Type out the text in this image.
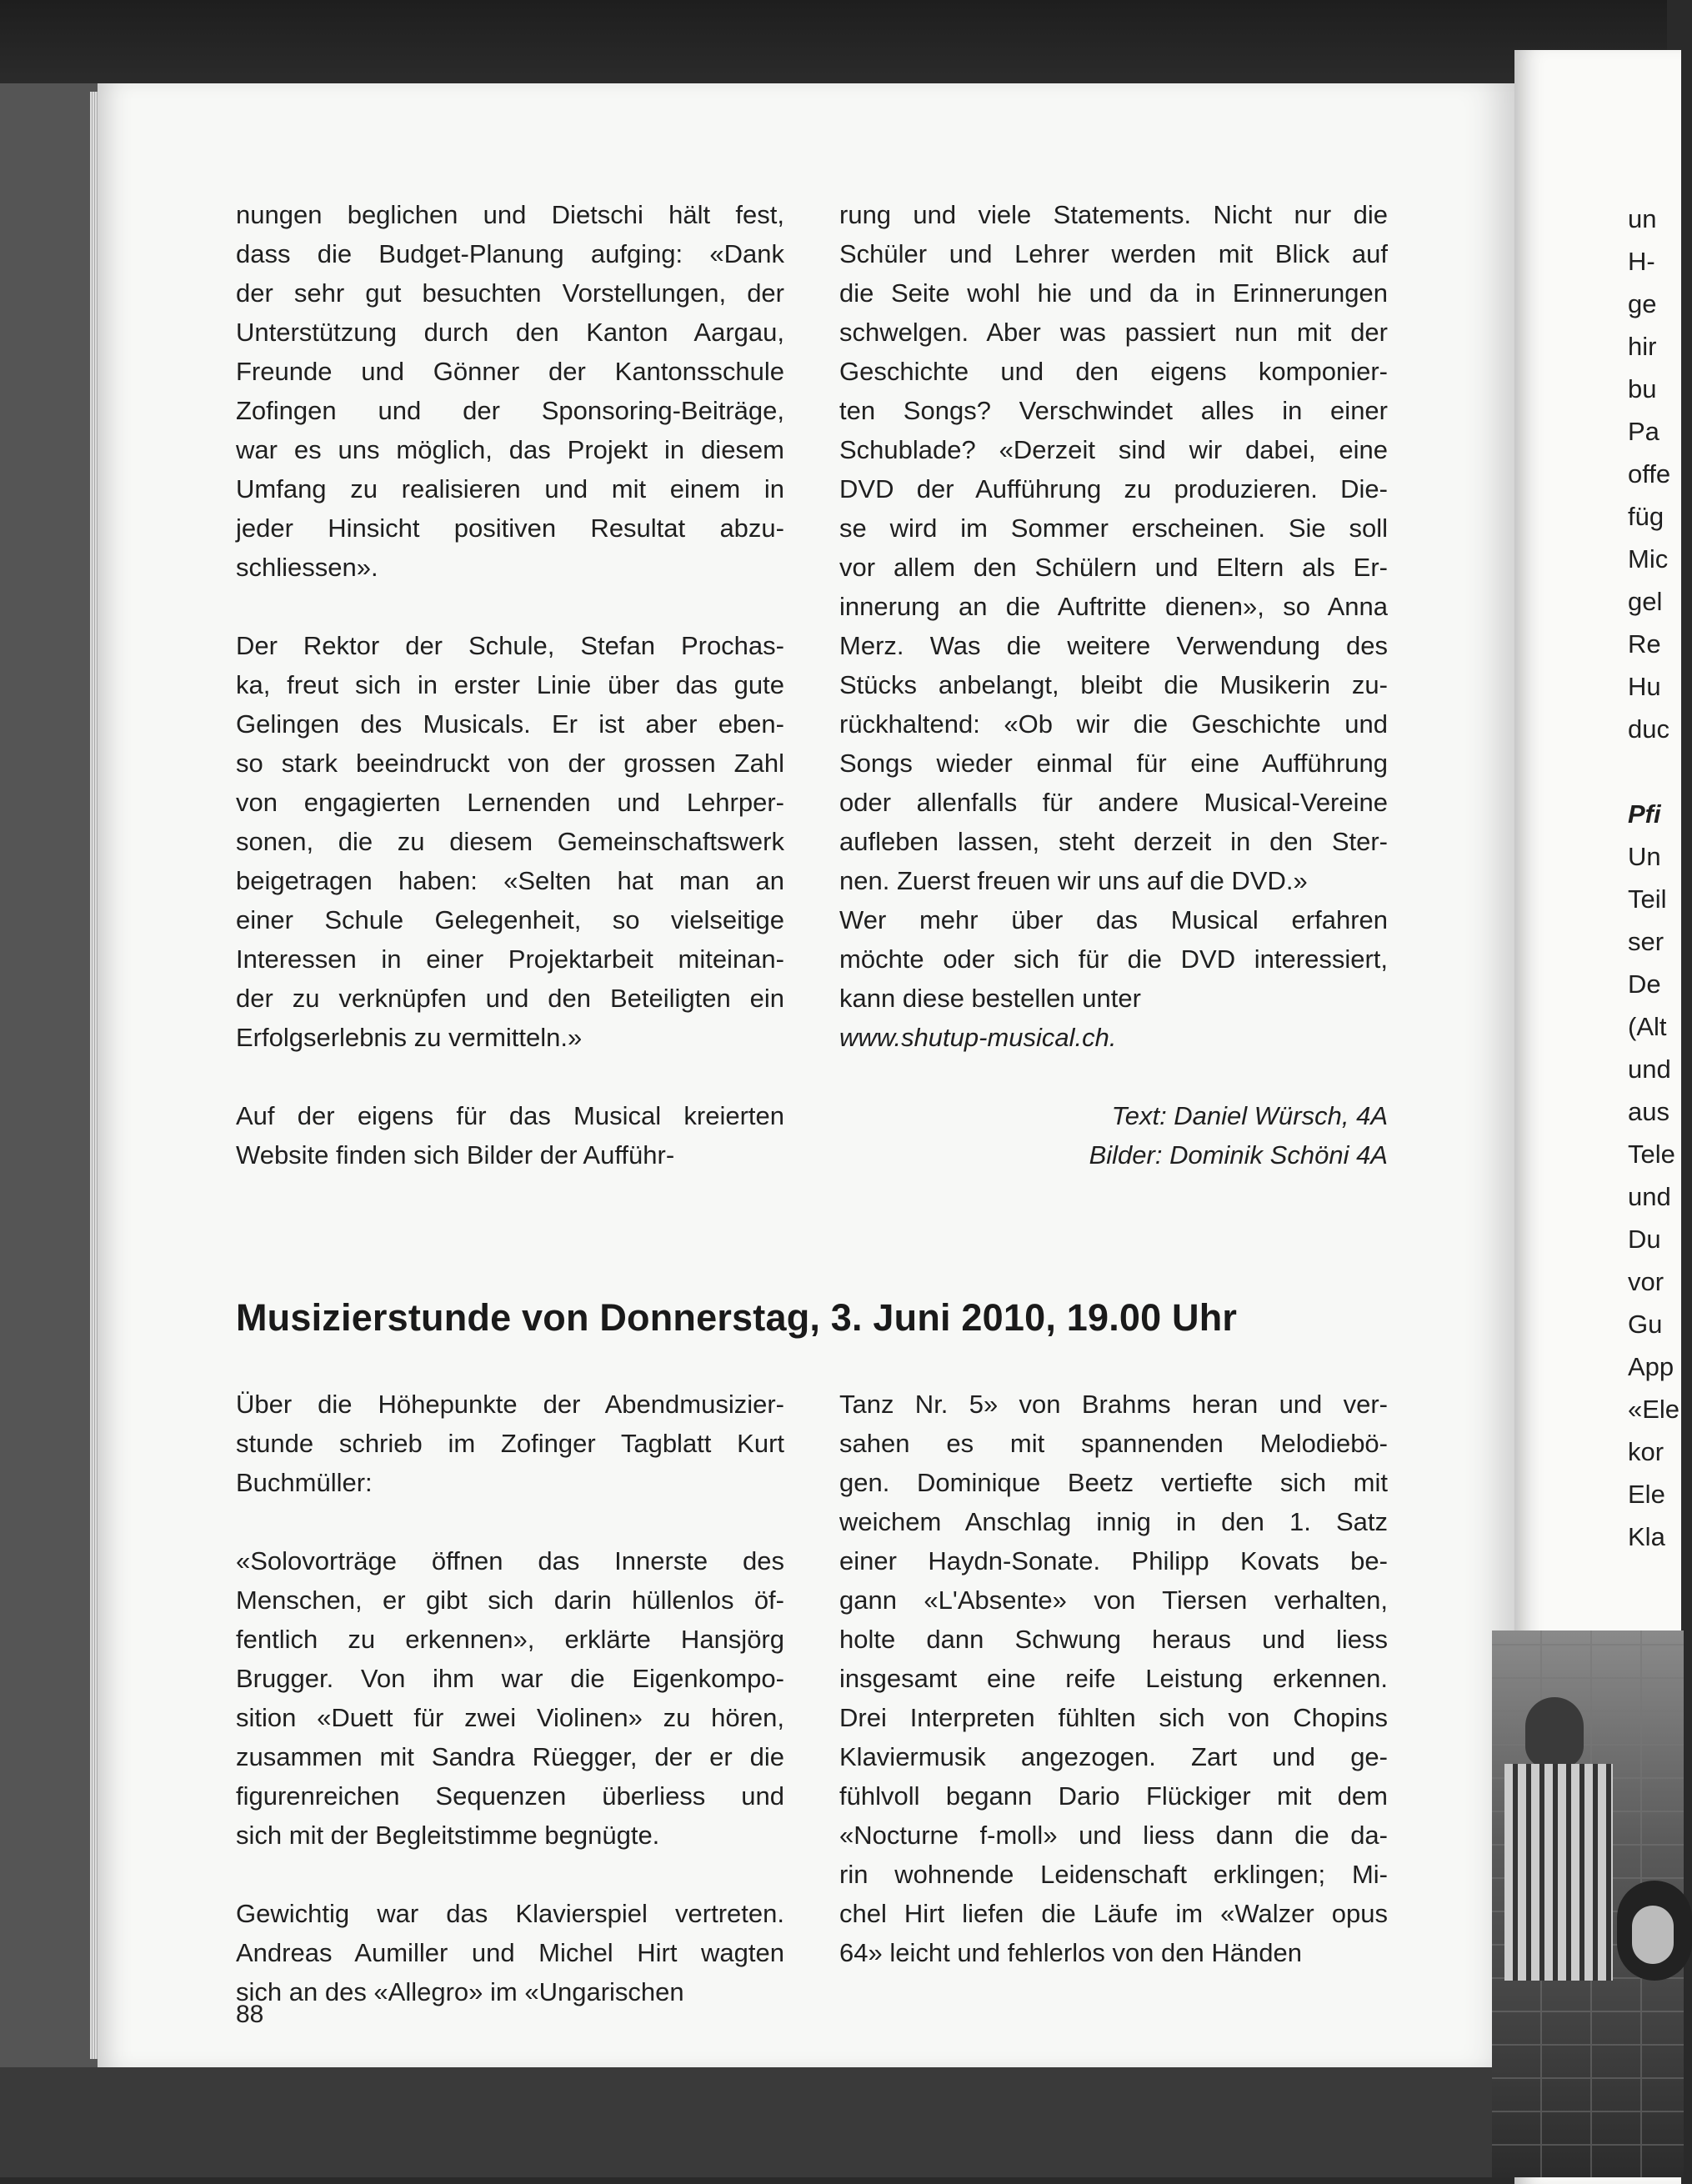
nungen beglichen und Dietschi hält fest,
dass die Budget-Planung aufging: «Dank
der sehr gut besuchten Vorstellungen, der
Unterstützung durch den Kanton Aargau,
Freunde und Gönner der Kantonsschule
Zofingen und der Sponsoring-Beiträge,
war es uns möglich, das Projekt in diesem
Umfang zu realisieren und mit einem in
jeder Hinsicht positiven Resultat abzu-
schliessen».
Der Rektor der Schule, Stefan Prochas-
ka, freut sich in erster Linie über das gute
Gelingen des Musicals. Er ist aber eben-
so stark beeindruckt von der grossen Zahl
von engagierten Lernenden und Lehrper-
sonen, die zu diesem Gemeinschaftswerk
beigetragen haben: «Selten hat man an
einer Schule Gelegenheit, so vielseitige
Interessen in einer Projektarbeit miteinan-
der zu verknüpfen und den Beteiligten ein
Erfolgserlebnis zu vermitteln.»
Auf der eigens für das Musical kreierten
Website finden sich Bilder der Aufführ-
rung und viele Statements. Nicht nur die
Schüler und Lehrer werden mit Blick auf
die Seite wohl hie und da in Erinnerungen
schwelgen. Aber was passiert nun mit der
Geschichte und den eigens komponier-
ten Songs? Verschwindet alles in einer
Schublade? «Derzeit sind wir dabei, eine
DVD der Aufführung zu produzieren. Die-
se wird im Sommer erscheinen. Sie soll
vor allem den Schülern und Eltern als Er-
innerung an die Auftritte dienen», so Anna
Merz. Was die weitere Verwendung des
Stücks anbelangt, bleibt die Musikerin zu-
rückhaltend: «Ob wir die Geschichte und
Songs wieder einmal für eine Aufführung
oder allenfalls für andere Musical-Vereine
aufleben lassen, steht derzeit in den Ster-
nen. Zuerst freuen wir uns auf die DVD.»
Wer mehr über das Musical erfahren
möchte oder sich für die DVD interessiert,
kann diese bestellen unter
www.shutup-musical.ch.
Text: Daniel Würsch, 4A
Bilder: Dominik Schöni 4A
Musizierstunde von Donnerstag, 3. Juni 2010, 19.00 Uhr
Über die Höhepunkte der Abendmusizier-
stunde schrieb im Zofinger Tagblatt Kurt
Buchmüller:
«Solovorträge öffnen das Innerste des
Menschen, er gibt sich darin hüllenlos öf-
fentlich zu erkennen», erklärte Hansjörg
Brugger. Von ihm war die Eigenkompo-
sition «Duett für zwei Violinen» zu hören,
zusammen mit Sandra Rüegger, der er die
figurenreichen Sequenzen überliess und
sich mit der Begleitstimme begnügte.
Gewichtig war das Klavierspiel vertreten.
Andreas Aumiller und Michel Hirt wagten
sich an des «Allegro» im «Ungarischen
Tanz Nr. 5» von Brahms heran und ver-
sahen es mit spannenden Melodiebö-
gen. Dominique Beetz vertiefte sich mit
weichem Anschlag innig in den 1. Satz
einer Haydn-Sonate. Philipp Kovats be-
gann «L'Absente» von Tiersen verhalten,
holte dann Schwung heraus und liess
insgesamt eine reife Leistung erkennen.
Drei Interpreten fühlten sich von Chopins
Klaviermusik angezogen. Zart und ge-
fühlvoll begann Dario Flückiger mit dem
«Nocturne f-moll» und liess dann die da-
rin wohnende Leidenschaft erklingen; Mi-
chel Hirt liefen die Läufe im «Walzer opus
64» leicht und fehlerlos von den Händen
88
un
H-
ge
hir
bu
Pa
offe
füg
Mic
gel
Re
Hu
duc
Pfi
Un
Teil
ser
De
(Alt
und
aus
Tele
und
Du
vor
Gu
App
«Ele
kor
Ele
Kla
